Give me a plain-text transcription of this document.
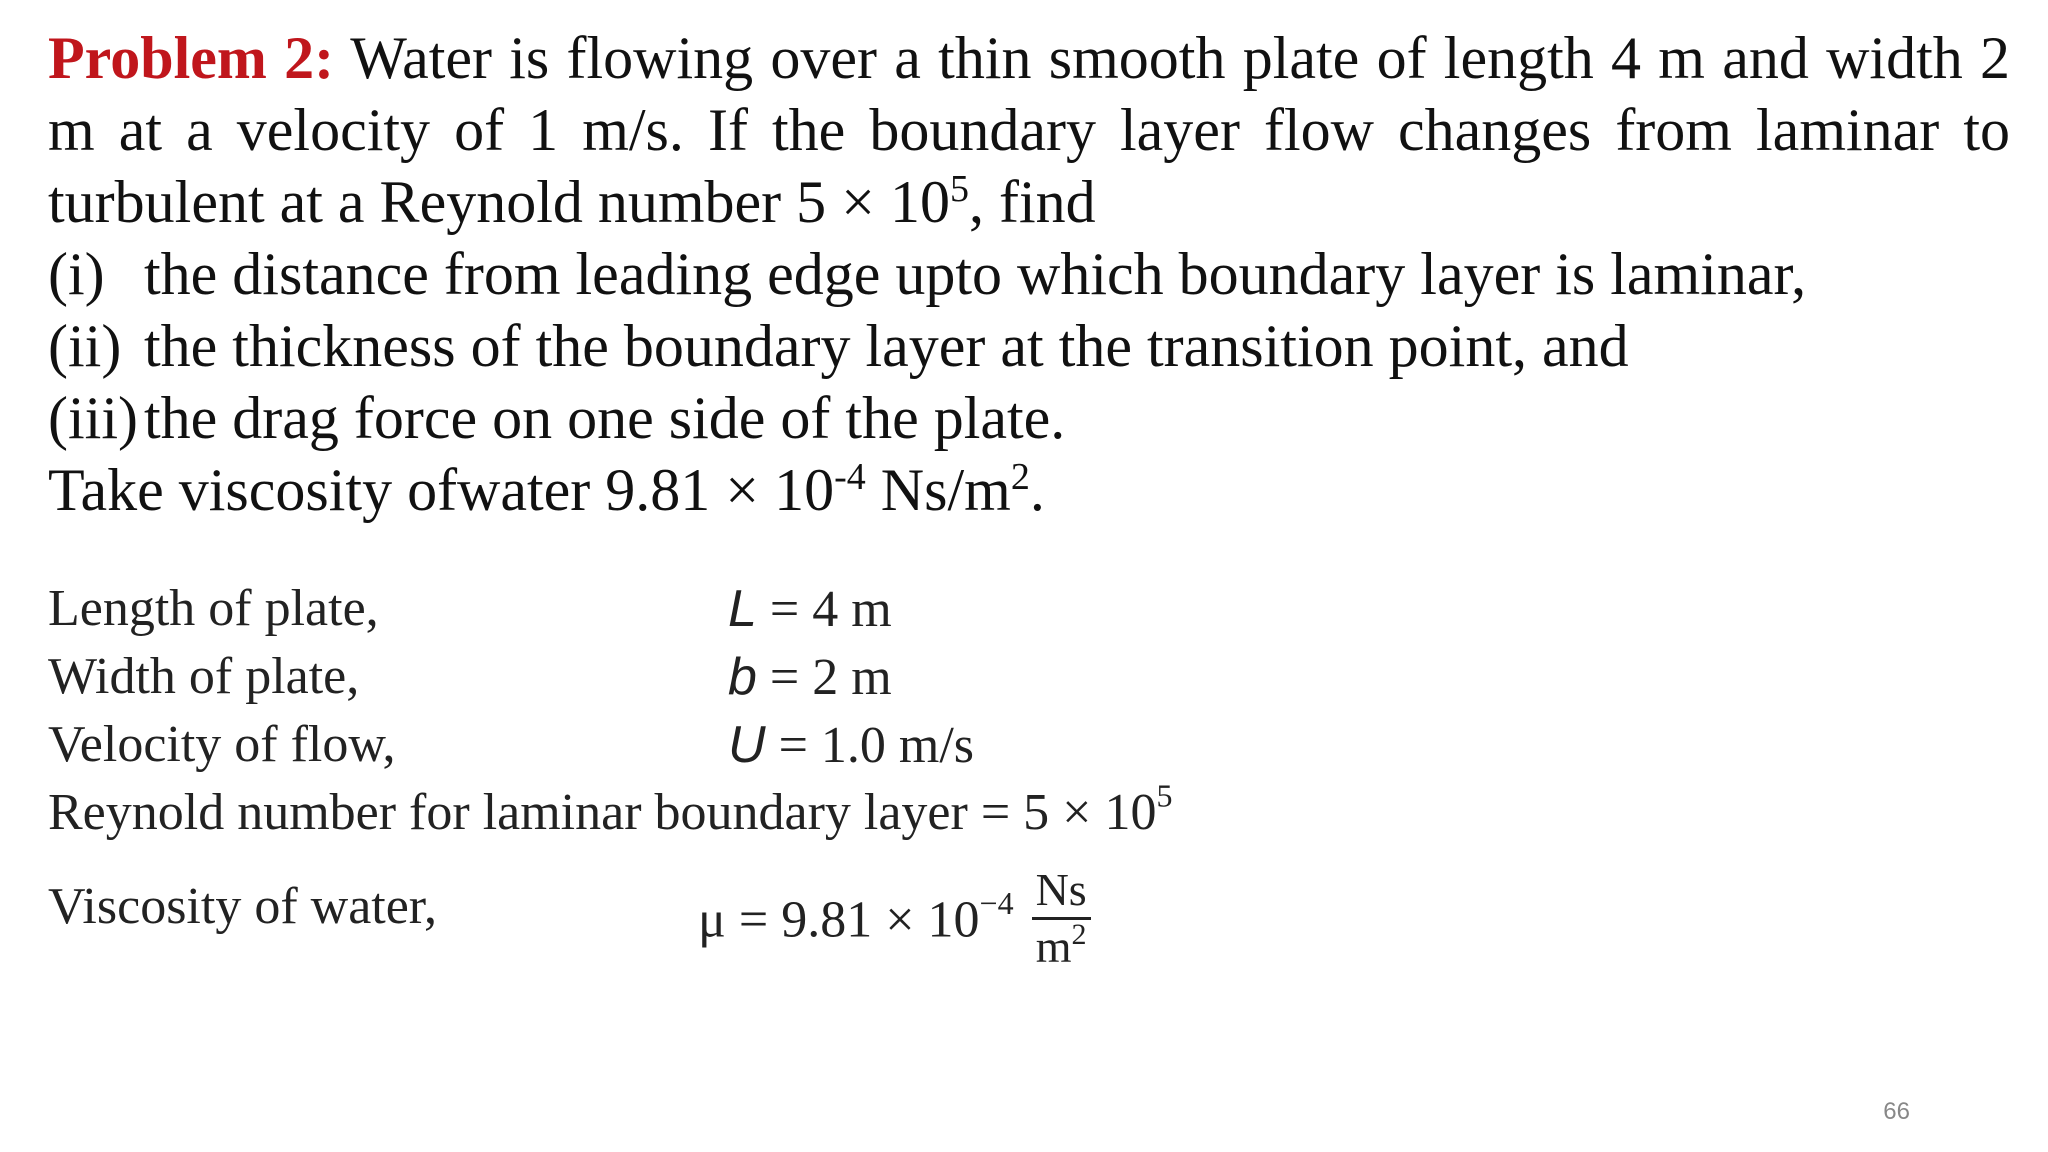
Problem 2: Water is flowing over a thin smooth plate of length 4 m and width 2 m at a velocity of 1 m/s. If the boundary layer flow changes from laminar to turbulent at a Reynold number $5 \times 10^5$, find
(i) the distance from leading edge upto which boundary layer is laminar,
(ii) the thickness of the boundary layer at the transition point, and
(iii) the drag force on one side of the plate.
Take viscosity ofwater $9.81 \times 10^{-4}$ $Ns/m^2$.
Length of plate,	L = 4 m
Width of plate,	b = 2 m
Velocity of flow,	U = 1.0 m/s
Reynold number for laminar boundary layer = $5 \times 10^5$
Viscosity of water,	$\mu = 9.81 \times 10^{-4} \frac{Ns}{m^2}$
66
